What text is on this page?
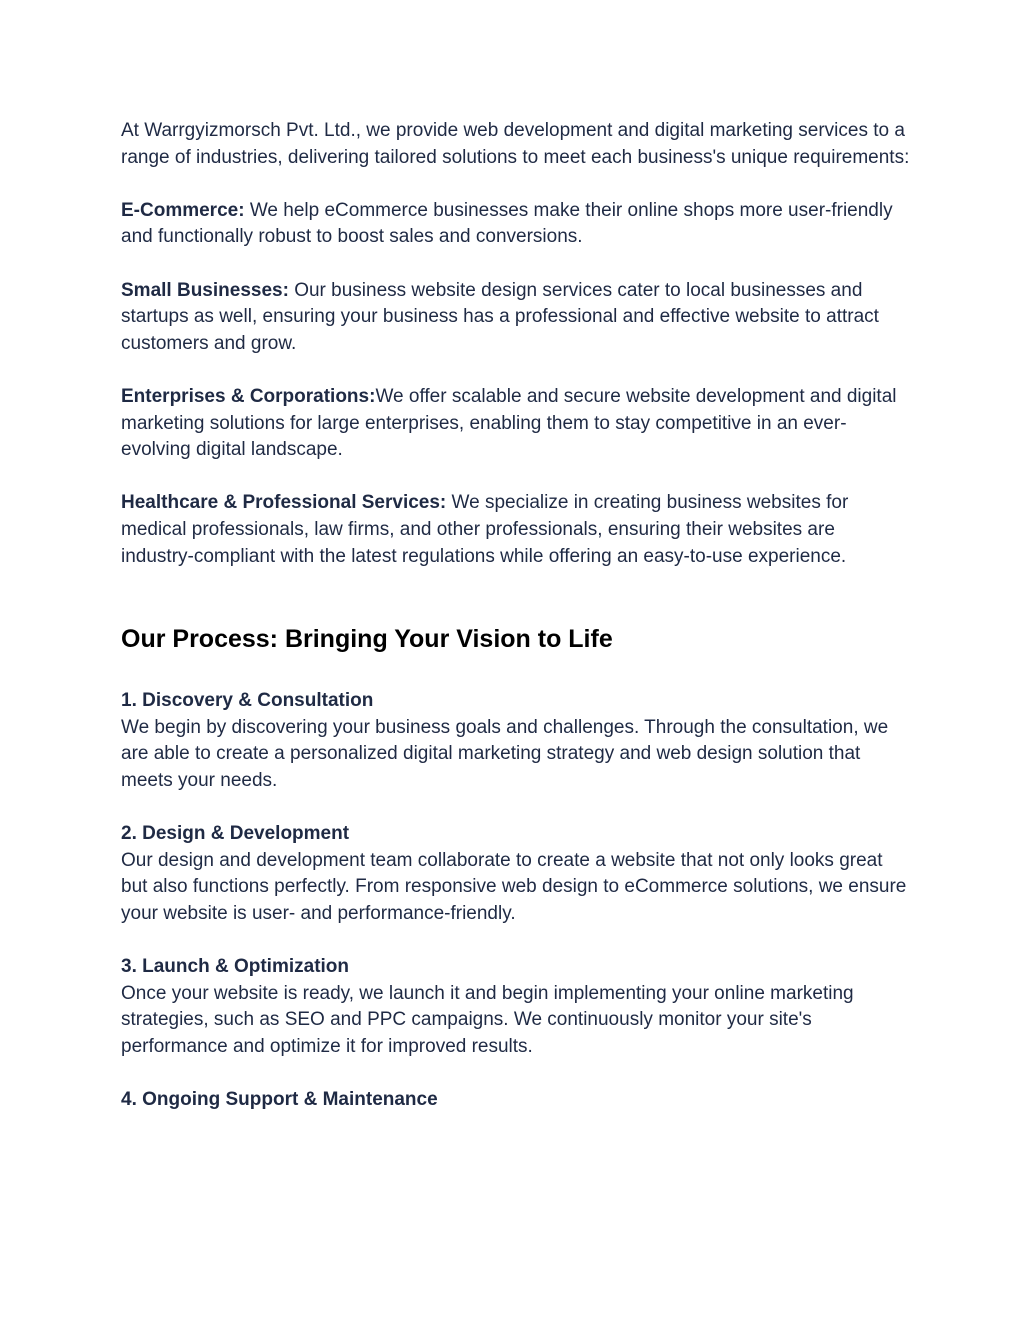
At Warrgyizmorsch Pvt. Ltd., we provide web development and digital marketing services to a range of industries, delivering tailored solutions to meet each business's unique requirements:

E-Commerce: We help eCommerce businesses make their online shops more user-friendly and functionally robust to boost sales and conversions.

Small Businesses: Our business website design services cater to local businesses and startups as well, ensuring your business has a professional and effective website to attract customers and grow.

Enterprises & Corporations:We offer scalable and secure website development and digital marketing solutions for large enterprises, enabling them to stay competitive in an ever-evolving digital landscape.

Healthcare & Professional Services: We specialize in creating business websites for medical professionals, law firms, and other professionals, ensuring their websites are industry-compliant with the latest regulations while offering an easy-to-use experience.

Our Process: Bringing Your Vision to Life
1. Discovery & Consultation
We begin by discovering your business goals and challenges. Through the consultation, we are able to create a personalized digital marketing strategy and web design solution that meets your needs.
2. Design & Development
Our design and development team collaborate to create a website that not only looks great but also functions perfectly. From responsive web design to eCommerce solutions, we ensure your website is user- and performance-friendly.
3. Launch & Optimization
Once your website is ready, we launch it and begin implementing your online marketing strategies, such as SEO and PPC campaigns. We continuously monitor your site's performance and optimize it for improved results.
4. Ongoing Support & Maintenance
